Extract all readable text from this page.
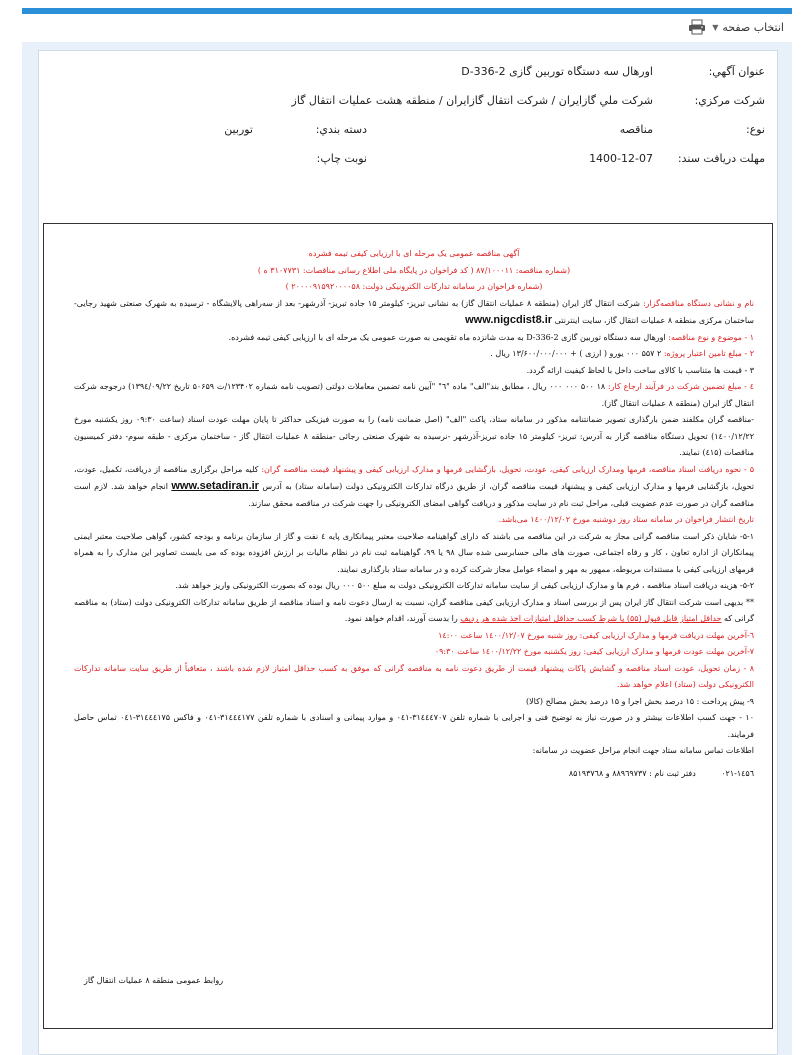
انتخاب صفحه
▼
عنوان آگهي:
اورهال سه دستگاه توربين گازی D-336-2
شرکت مرکزي:
شركت ملي گازايران / شرکت انتقال گازايران / منطقه هشت عمليات انتقال گاز
نوع:
مناقصه
دسته بندي:
توربين
مهلت دريافت سند:
1400-12-07
نوبت چاپ:

آگهی مناقصه عمومی یک مرحله ای با ارزیابی کیفی تیمه فشرده

(شماره مناقصه: ۸۷/۱۰۰۰۱۱ ( کد فراخوان در پایگاه ملی اطلاع رسانی مناقصات: ۳۱۰۷۷۳۱ ه )

(شماره فراخوان در سامانه تدارکات الکترونیکی دولت: ۲۰۰۰۰۹۱۵۹۲۰۰۰۰۵۸ )

نام و نشانی دستگاه مناقصه‌گزار: شرکت انتقال گاز ایران (منطقه ۸ عملیات انتقال گاز) به نشانی تبریز- کیلومتر ۱۵ جاده تبریز- آذرشهر- بعد از سه‌راهی پالایشگاه - ترسیده به شهرک صنعتی شهید رجایی- ساختمان مرکزی منطقه ۸ عملیات انتقال گاز، سایت اینترنتی www.nigcdist8.ir

۱ - موضوع و نوع مناقصه: اورهال سه دستگاه توربین گازی D-336-2 به مدت شانزده ماه تقویمی به صورت عمومی یک مرحله ای با ارزیابی کیفی تیمه فشرده.

۲ - مبلغ تامین اعتبار پروژه: ۲ ۵۵۷ ۰۰۰ یورو ( ارزی ) + ۱۳/۶۰۰/۰۰۰/۰۰۰ ریال .

۳ - قیمت ها متناسب با کالای ساخت داخل با لحاظ کیفیت ارائه گردد.

٤ - مبلغ تضمین شرکت در فرآیند ارجاع کار: ۱۸ ۵۰۰ ۰۰۰ ۰۰۰ ریال ، مطابق بند"الف" ماده "٦" "آیین نامه تضمین معاملات دولتی (تصویب نامه شماره ۱۲۳۴۰۲/ت ۵۰۶۵۹ تاریخ ۱۳۹٤/۰۹/۲۲) درجوجه شرکت انتقال گاز ایران (منطقه ۸ عملیات انتقال گاز).

-مناقصه گران مکلفند ضمن بارگذاری تصویر ضمانتنامه مذکور در سامانه ستاد، پاکت "الف" (اصل ضمانت نامه) را به صورت فیزیکی حداکثر تا پایان مهلت عودت اسناد (ساعت ۰۹:۳۰ روز یکشنبه مورخ ۱٤۰۰/۱۲/۲۲) تحویل دستگاه مناقصه گزار به آدرس: تبریز- کیلومتر ۱۵ جاده تبریز-آذرشهر -نرسیده به شهرک صنعتی رجائی -منطقه ۸ عملیات انتقال گاز - ساختمان مرکزی - طبقه سوم- دفتر کمیسیون مناقصات (٤۱۵) نمایند.

۵ - نحوه دریافت اسناد مناقصه، فرمها ومدارک ارزیابی کیفی، عودت، تحویل، بازگشایی فرمها و مدارک ارزیابی کیفی و پیشنهاد قیمت مناقصه گران: کلیه مراحل برگزاری مناقصه از دریافت، تکمیل، عودت، تحویل، بازگشایی فرمها و مدارک ارزیابی کیفی و پیشنهاد قیمت مناقصه گران، از طریق درگاه تدارکات الکترونیکی دولت (سامانه ستاد) به آدرس www.setadiran.ir انجام خواهد شد. لازم است مناقصه گران در صورت عدم عضویت قبلی، مراحل ثبت نام در سایت مذکور و دریافت گواهی امضای الکترونیکی را جهت شرکت در مناقصه محقق سازند.

تاریخ انتشار فراخوان در سامانه ستاد روز دوشنبه مورخ ۱٤۰۰/۱۲/۰۲ می‌باشد.

۵-۱- شایان ذکر است مناقصه گرانی مجاز به شرکت در این مناقصه می باشند که دارای گواهینامه صلاحیت معتبر پیمانکاری پایه ٤ نفت و گاز از سازمان برنامه و بودجه کشور، گواهی صلاحیت معتبر ایمنی پیمانکاران از اداره تعاون ، کار و رفاه اجتماعی، صورت های مالی حسابرسی شده سال ۹۸ یا ۹۹، گواهینامه ثبت نام در نظام مالیات بر ارزش افزوده بوده که می بایست تصاویر این مدارک را به همراه فرمهای ارزیابی کیفی با مستندات مربوطه، ممهور به مهر و امضاء عوامل مجاز شرکت کرده و در سامانه ستاد بارگذاری نمایند.

۵-۲- هزینه دریافت اسناد مناقصه ، فرم ها و مدارک ارزیابی کیفی از سایت سامانه تدارکات الکترونیکی دولت به مبلغ ۵۰۰ ۰۰۰ ریال بوده که بصورت الکترونیکی واریز خواهد شد.

** بدیهی است شرکت انتقال گاز ایران پس از بررسی اسناد و مدارک ارزیابی کیفی مناقصه گران، نسبت به ارسال دعوت نامه و اسناد مناقصه از طریق سامانه تدارکات الکترونیکی دولت (ستاد) به مناقصه گرانی که حداقل امتیاز قابل قبول (۵۵) یا شرط کسب حداقل امتیازات اخذ شده هر ردیف را بدست آورند، اقدام خواهد نمود.

٦-آخرین مهلت دریافت فرمها و مدارک ارزیابی کیفی: روز شنبه مورخ ۱٤۰۰/۱۲/۰۷ ساعت ۱٤:۰۰

۷-آخرین مهلت عودت فرمها و مدارک ارزیابی کیفی: روز یکشنبه مورخ ۱٤۰۰/۱۲/۲۲ ساعت ۰۹:۳۰

۸ - زمان تحویل، عودت اسناد مناقصه و گشایش پاکات پیشنهاد قیمت از طریق دعوت نامه به مناقصه گرانی که موفق به کسب حداقل امتیاز لازم شده باشند ، متعاقباً از طریق سایت سامانه تدارکات الکترونیکی دولت (ستاد) اعلام خواهد شد.

۹- پیش پرداخت : ۱۵ درصد بخش اجرا و ۱۵ درصد بخش مصالح (کالا)

۱۰ - جهت کسب اطلاعات بیشتر و در صورت نیاز به توضیح فنی و اجرایی با شماره تلفن ۳۱٤٤٤۷۰۷-۰٤۱ و موارد پیمانی و اسنادی با شماره تلفن ۳۱٤٤٤۱۷۷-۰٤۱ و فاکس ۳۱٤٤٤۱۷۵-۰٤۱ تماس حاصل فرمایند.

اطلاعات تماس سامانه ستاد جهت انجام مراحل عضویت در سامانه:

۰۲۱-۱٤۵٦          دفتر ثبت نام : ۸۸۹٦۹۷۳۷ و ۸۵۱۹۳۷٦۸

روابط عمومی منطقه ۸ عملیات انتقال گاز
